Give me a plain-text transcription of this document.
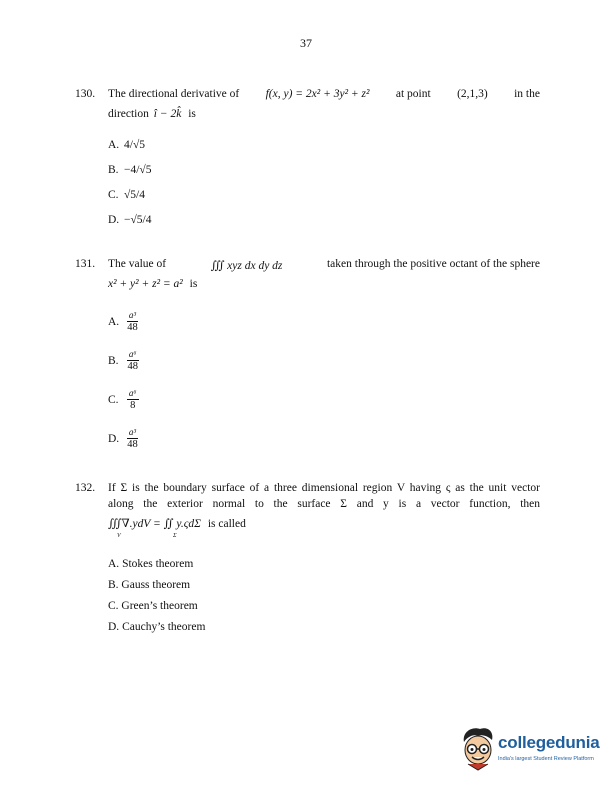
37
130. The directional derivative of f(x, y) = 2x² + 3y² + z² at point (2,1,3) in the
direction î − 2k̂ is
A. 4/√5
B. −4/√5
C. √5/4
D. −√5/4
131. The value of	∭ xyz dx dy dz	taken through the positive octant of the sphere
x² + y² + z² = a² is
A. $\frac{\text{a³}}{48}$
B. $\frac{\text{a⁶}}{48}$
C. $\frac{\text{a⁶}}{8}$
D. $\frac{\text{a³}}{48}$
132. If Σ is the boundary surface of a three dimensional region V having ς as the unit vector
along the exterior normal to the surface Σ and y is a vector function, then
∭∇.ydV = ∬ y.ςdΣ is called
V	Σ
A. Stokes theorem
B. Gauss theorem
C. Green’s theorem
D. Cauchy’s theorem
collegedunia
India's largest Student Review Platform
